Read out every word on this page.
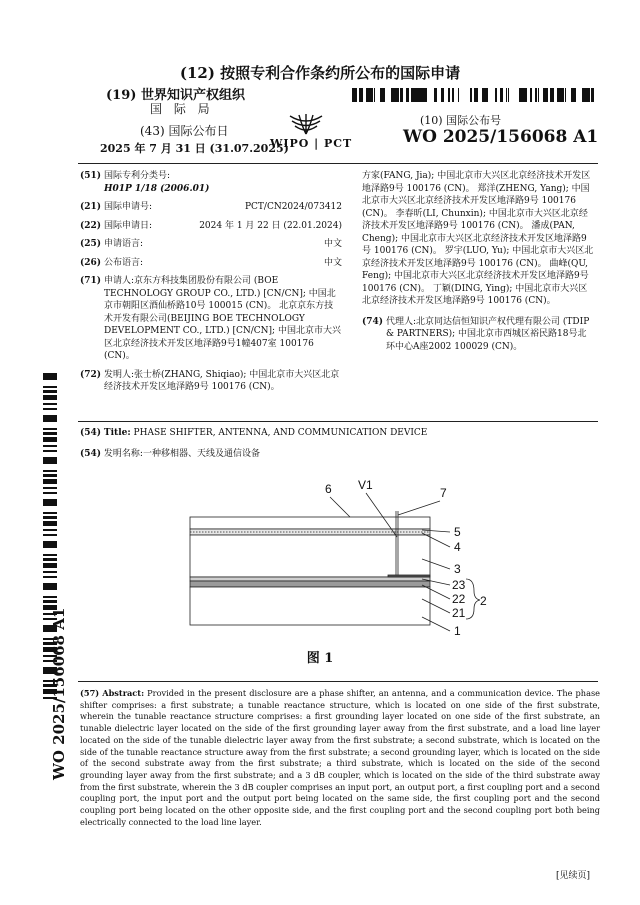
(12) 按照专利合作条约所公布的国际申请
(19) 世界知识产权组织
国 际 局
(43) 国际公布日
2025 年 7 月 31 日 (31.07.2025)
WIPO | PCT
(10) 国际公布号
WO 2025/156068 A1
(51) 国际专利分类号:
H01P 1/18 (2006.01)
(21) 国际申请号:	PCT/CN2024/073412
(22) 国际申请日:	2024 年 1 月 22 日 (22.01.2024)
(25) 申请语言:	中文
(26) 公布语言:	中文
(71) 申请人:京东方科技集团股份有限公司 (BOE TECHNOLOGY GROUP CO., LTD.) [CN/CN]; 中国北京市朝阳区酒仙桥路10号 100015 (CN)。 北京京东方技术开发有限公司(BEIJING BOE TECHNOLOGY DEVELOPMENT CO., LTD.) [CN/CN]; 中国北京市大兴区北京经济技术开发区地泽路9号1幢407室 100176 (CN)。
(72) 发明人:张士桥(ZHANG, Shiqiao); 中国北京市大兴区北京经济技术开发区地泽路9号 100176 (CN)。
方家(FANG, Jia); 中国北京市大兴区北京经济技术开发区地泽路9号 100176 (CN)。 郑洋(ZHENG, Yang); 中国北京市大兴区北京经济技术开发区地泽路9号 100176 (CN)。 李春昕(LI, Chunxin); 中国北京市大兴区北京经济技术开发区地泽路9号 100176 (CN)。 潘成(PAN, Cheng); 中国北京市大兴区北京经济技术开发区地泽路9号 100176 (CN)。 罗宇(LUO, Yu); 中国北京市大兴区北京经济技术开发区地泽路9号 100176 (CN)。 曲峰(QU, Feng); 中国北京市大兴区北京经济技术开发区地泽路9号 100176 (CN)。 丁颖(DING, Ying); 中国北京市大兴区北京经济技术开发区地泽路9号 100176 (CN)。
(74) 代理人:北京同达信恒知识产权代理有限公司 (TDIP & PARTNERS); 中国北京市西城区裕民路18号北环中心A座2002 100029 (CN)。
WO 2025/156068 A1
(54) Title: PHASE SHIFTER, ANTENNA, AND COMMUNICATION DEVICE
(54) 发明名称:一种移相器、天线及通信设备
6 V1
7
5
4
3
23
22
21
2
1
图 1
(57) Abstract: Provided in the present disclosure are a phase shifter, an antenna, and a communication device. The phase shifter comprises: a first substrate; a tunable reactance structure, which is located on one side of the first substrate, wherein the tunable reactance structure comprises: a first grounding layer located on one side of the first substrate, an tunable dielectric layer located on the side of the first grounding layer away from the first substrate, and a load line layer located on the side of the tunable dielectric layer away from the first substrate; a second substrate, which is located on the side of the tunable reactance structure away from the first substrate; a second grounding layer, which is located on the side of the second substrate away from the first substrate; a third substrate, which is located on the side of the second grounding layer away from the first substrate; and a 3 dB coupler, which is located on the side of the third substrate away from the first substrate, wherein the 3 dB coupler comprises an input port, an output port, a first coupling port and a second coupling port, the input port and the output port being located on the same side, the first coupling port and the second coupling port being located on the other opposite side, and the first coupling port and the second coupling port both being electrically connected to the load line layer.
[见续页]
